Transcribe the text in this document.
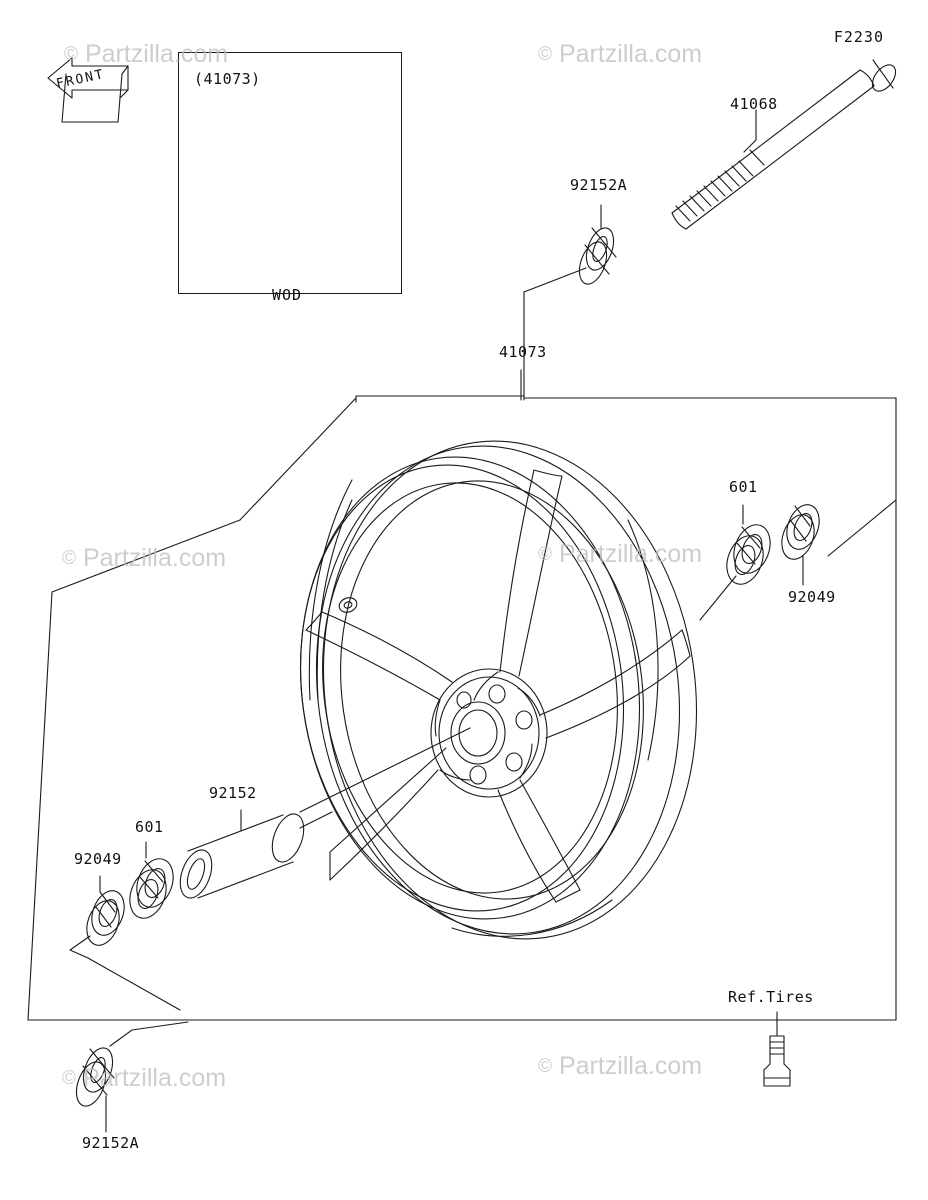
(41073)
WOD
F2230
FRONT
41068
92152A
41073
601
92049
92152
601
92049
92152A
Ref.Tires
© Partzilla.com	© Partzilla.com
© Partzilla.com	© Partzilla.com
© Partzilla.com	© Partzilla.com
